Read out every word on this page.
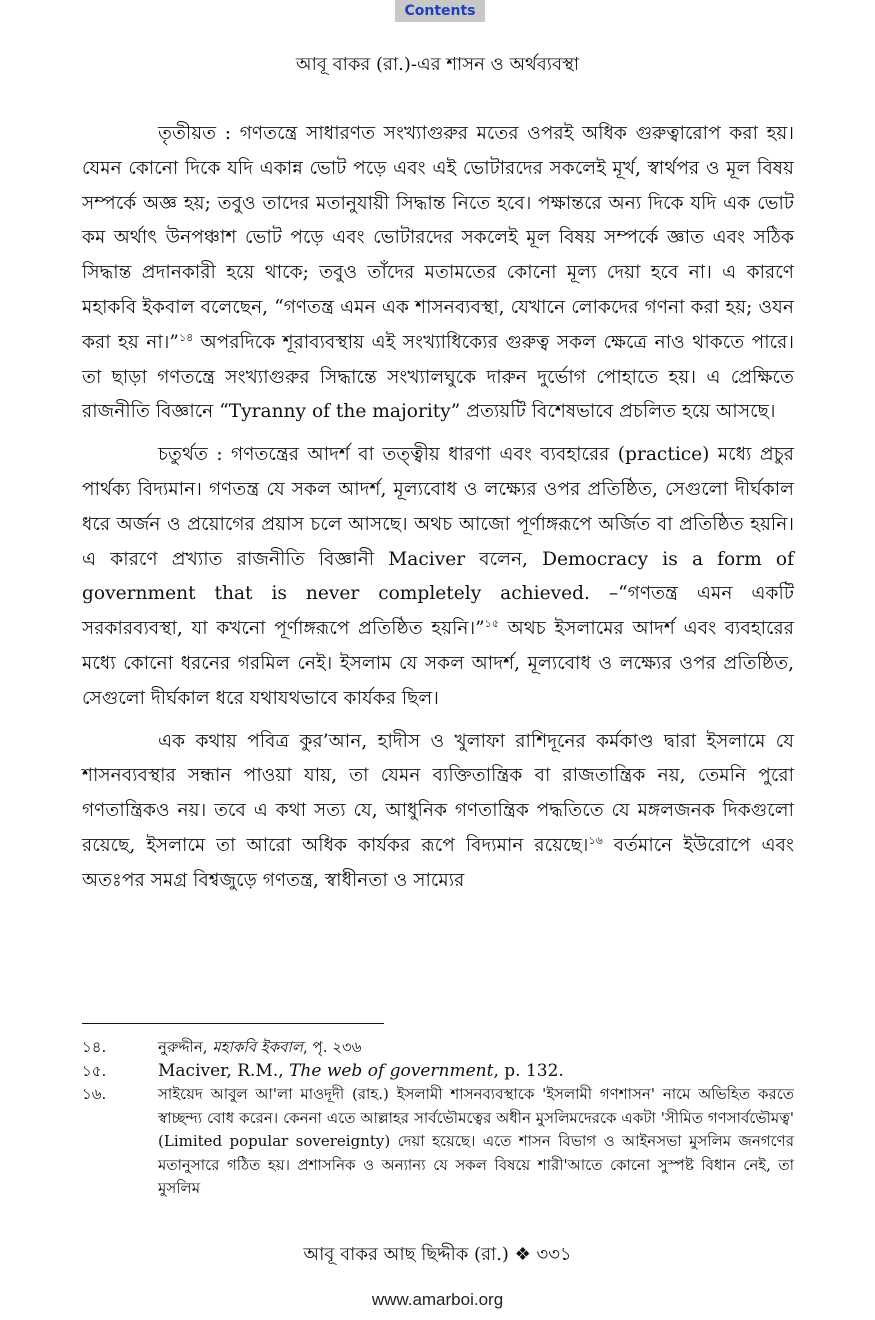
Contents
আবূ বাকর (রা.)-এর শাসন ও অর্থব্যবস্থা

তৃতীয়ত : গণতন্ত্রে সাধারণত সংখ্যাগুরুর মতের ওপরই অধিক গুরুত্বারোপ করা হয়। যেমন কোনো দিকে যদি একান্ন ভোট পড়ে এবং এই ভোটারদের সকলেই মূর্খ, স্বার্থপর ও মূল বিষয় সম্পর্কে অজ্ঞ হয়; তবুও তাদের মতানুযায়ী সিদ্ধান্ত নিতে হবে। পক্ষান্তরে অন্য দিকে যদি এক ভোট কম অর্থাৎ উনপঞ্চাশ ভোট পড়ে এবং ভোটারদের সকলেই মূল বিষয় সম্পর্কে জ্ঞাত এবং সঠিক সিদ্ধান্ত প্রদানকারী হয়ে থাকে; তবুও তাঁদের মতামতের কোনো মূল্য দেয়া হবে না। এ কারণে মহাকবি ইকবাল বলেছেন, “গণতন্ত্র এমন এক শাসনব্যবস্থা, যেখানে লোকদের গণনা করা হয়; ওযন করা হয় না।”$^{১৪}$ অপরদিকে শূরাব্যবস্থায় এই সংখ্যাধিক্যের গুরুত্ব সকল ক্ষেত্রে নাও থাকতে পারে। তা ছাড়া গণতন্ত্রে সংখ্যাগুরুর সিদ্ধান্তে সংখ্যালঘুকে দারুন দুর্ভোগ পোহাতে হয়। এ প্রেক্ষিতে রাজনীতি বিজ্ঞানে “Tyranny of the majority” প্রত্যয়টি বিশেষভাবে প্রচলিত হয়ে আসছে।

চতুর্থত : গণতন্ত্রের আদর্শ বা তত্ত্বীয় ধারণা এবং ব্যবহারের (practice) মধ্যে প্রচুর পার্থক্য বিদ্যমান। গণতন্ত্র যে সকল আদর্শ, মূল্যবোধ ও লক্ষ্যের ওপর প্রতিষ্ঠিত, সেগুলো দীর্ঘকাল ধরে অর্জন ও প্রয়োগের প্রয়াস চলে আসছে। অথচ আজো পূর্ণাঙ্গরূপে অর্জিত বা প্রতিষ্ঠিত হয়নি। এ কারণে প্রখ্যাত রাজনীতি বিজ্ঞানী Maciver বলেন, Democracy is a form of government that is never completely achieved. –“গণতন্ত্র এমন একটি সরকারব্যবস্থা, যা কখনো পূর্ণাঙ্গরূপে প্রতিষ্ঠিত হয়নি।”$^{১৫}$ অথচ ইসলামের আদর্শ এবং ব্যবহারের মধ্যে কোনো ধরনের গরমিল নেই। ইসলাম যে সকল আদর্শ, মূল্যবোধ ও লক্ষ্যের ওপর প্রতিষ্ঠিত, সেগুলো দীর্ঘকাল ধরে যথাযথভাবে কার্যকর ছিল।

এক কথায় পবিত্র কুর’আন, হাদীস ও খুলাফা রাশিদূনের কর্মকাণ্ড দ্বারা ইসলামে যে শাসনব্যবস্থার সন্ধান পাওয়া যায়, তা যেমন ব্যক্তিতান্ত্রিক বা রাজতান্ত্রিক নয়, তেমনি পুরো গণতান্ত্রিকও নয়। তবে এ কথা সত্য যে, আধুনিক গণতান্ত্রিক পদ্ধতিতে যে মঙ্গলজনক দিকগুলো রয়েছে, ইসলামে তা আরো অধিক কার্যকর রূপে বিদ্যমান রয়েছে।$^{১৬}$ বর্তমানে ইউরোপে এবং অতঃপর সমগ্র বিশ্বজুড়ে গণতন্ত্র, স্বাধীনতা ও সাম্যের

১৪.	নুরুদ্দীন, মহাকবি ইকবাল, পৃ. ২৩৬
১৫.	Maciver, R.M., The web of government, p. 132.
১৬.	সাইয়েদ আবুল আ'লা মাওদূদী (রাহ.) ইসলামী শাসনব্যবস্থাকে 'ইসলামী গণশাসন' নামে অভিহিত করতে স্বাচ্ছন্দ্য বোধ করেন। কেননা এতে আল্লাহর সার্বভৌমত্বের অধীন মুসলিমদেরকে একটা 'সীমিত গণসার্বভৌমত্ব' (Limited popular sovereignty) দেয়া হয়েছে। এতে শাসন বিভাগ ও আইনসভা মুসলিম জনগণের মতানুসারে গঠিত হয়। প্রশাসনিক ও অন্যান্য যে সকল বিষয়ে শারী'আতে কোনো সুস্পষ্ট বিধান নেই, তা মুসলিম
আবূ বাকর আছ ছিদ্দীক (রা.) ❖ ৩৩১
www.amarboi.org
